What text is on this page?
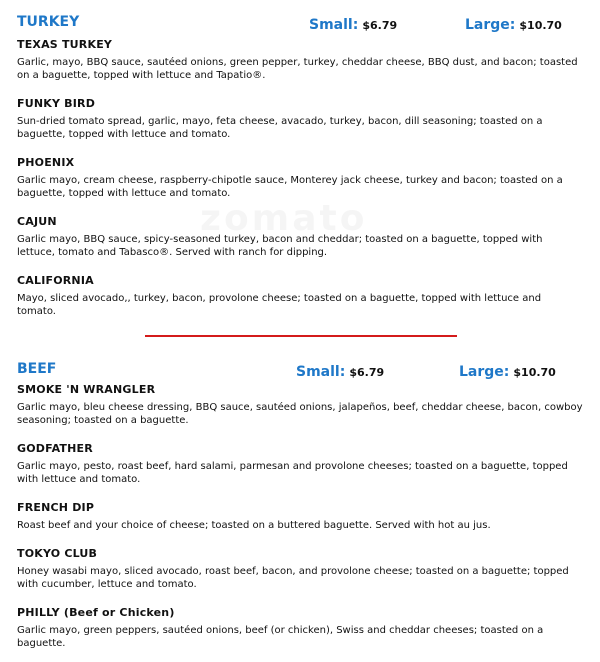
TURKEY	Small: $6.79	Large: $10.70

TEXAS TURKEY

Garlic, mayo, BBQ sauce, sautéed onions, green pepper, turkey, cheddar cheese, BBQ dust, and bacon; toasted on a baguette, topped with lettuce and Tapatio®.

FUNKY BIRD

Sun-dried tomato spread, garlic, mayo, feta cheese, avacado, turkey, bacon, dill seasoning; toasted on a baguette, topped with lettuce and tomato.

PHOENIX

Garlic mayo, cream cheese, raspberry-chipotle sauce, Monterey jack cheese, turkey and bacon; toasted on a baguette, topped with lettuce and tomato.

CAJUN

Garlic mayo, BBQ sauce, spicy-seasoned turkey, bacon and cheddar; toasted on a baguette, topped with lettuce, tomato and Tabasco®. Served with ranch for dipping.

CALIFORNIA

Mayo, sliced avocado,, turkey, bacon, provolone cheese; toasted on a baguette, topped with lettuce and tomato.

BEEF	Small: $6.79	Large: $10.70

SMOKE 'N WRANGLER

Garlic mayo, bleu cheese dressing, BBQ sauce, sautéed onions, jalapeños, beef, cheddar cheese, bacon, cowboy seasoning; toasted on a baguette.

GODFATHER

Garlic mayo, pesto, roast beef, hard salami, parmesan and provolone cheeses; toasted on a baguette, topped with lettuce and tomato.

FRENCH DIP

Roast beef and your choice of cheese; toasted on a buttered baguette. Served with hot au jus.

TOKYO CLUB

Honey wasabi mayo, sliced avocado, roast beef, bacon, and provolone cheese; toasted on a baguette; topped with cucumber, lettuce and tomato.

PHILLY (Beef or Chicken)

Garlic mayo, green peppers, sautéed onions, beef (or chicken), Swiss and cheddar cheeses; toasted on a baguette.
